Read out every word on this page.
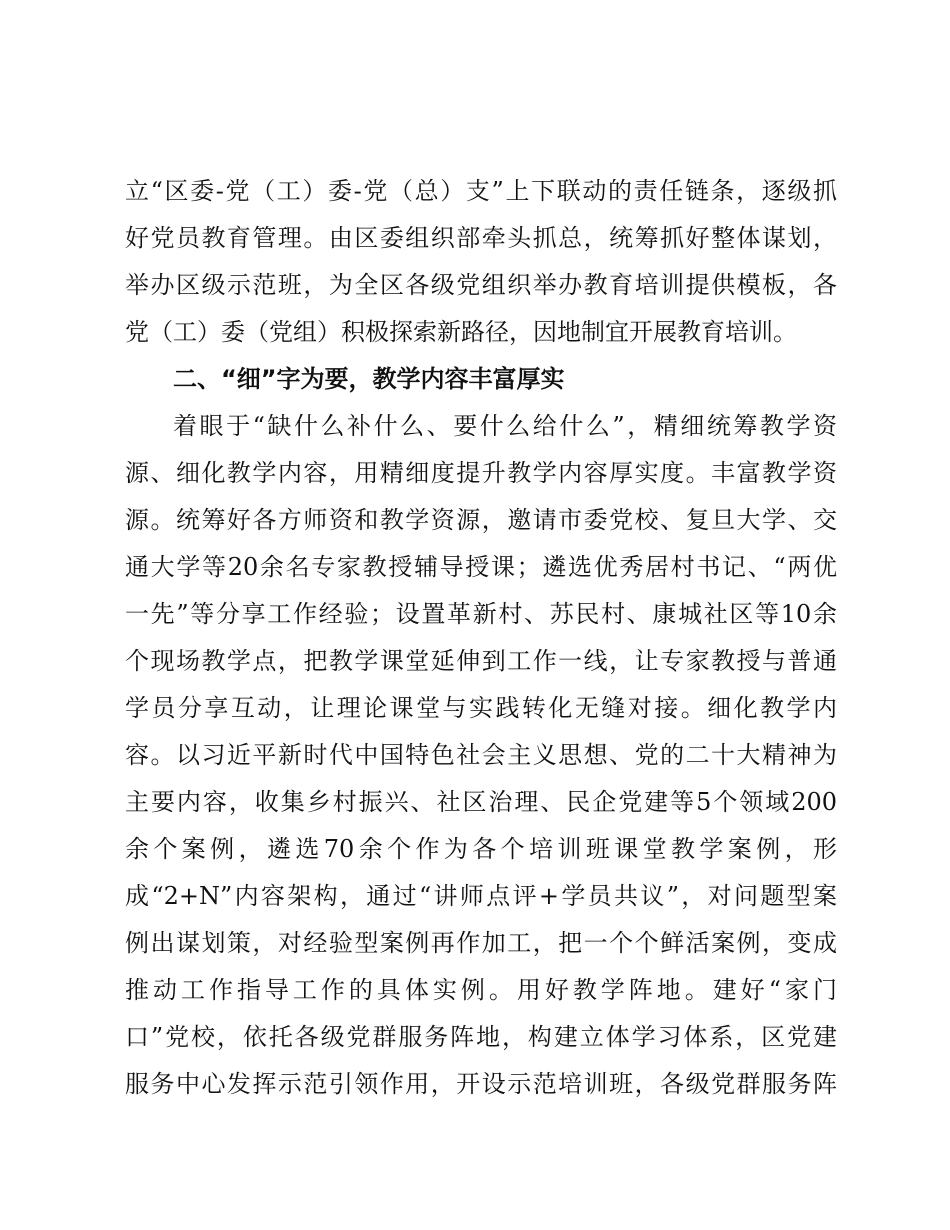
立“区委-党（工）委-党（总）支”上下联动的责任链条，逐级抓
好党员教育管理。由区委组织部牵头抓总，统筹抓好整体谋划，
举办区级示范班，为全区各级党组织举办教育培训提供模板，各
党（工）委（党组）积极探索新路径，因地制宜开展教育培训。
二、“细”字为要，教学内容丰富厚实
着眼于“缺什么补什么、要什么给什么”，精细统筹教学资
源、细化教学内容，用精细度提升教学内容厚实度。丰富教学资
源。统筹好各方师资和教学资源，邀请市委党校、复旦大学、交
通大学等20余名专家教授辅导授课；遴选优秀居村书记、“两优
一先”等分享工作经验；设置革新村、苏民村、康城社区等10余
个现场教学点，把教学课堂延伸到工作一线，让专家教授与普通
学员分享互动，让理论课堂与实践转化无缝对接。细化教学内
容。以习近平新时代中国特色社会主义思想、党的二十大精神为
主要内容，收集乡村振兴、社区治理、民企党建等5个领域200
余个案例，遴选70余个作为各个培训班课堂教学案例，形
成“2+N”内容架构，通过“讲师点评+学员共议”，对问题型案
例出谋划策，对经验型案例再作加工，把一个个鲜活案例，变成
推动工作指导工作的具体实例。用好教学阵地。建好“家门
口”党校，依托各级党群服务阵地，构建立体学习体系，区党建
服务中心发挥示范引领作用，开设示范培训班，各级党群服务阵
